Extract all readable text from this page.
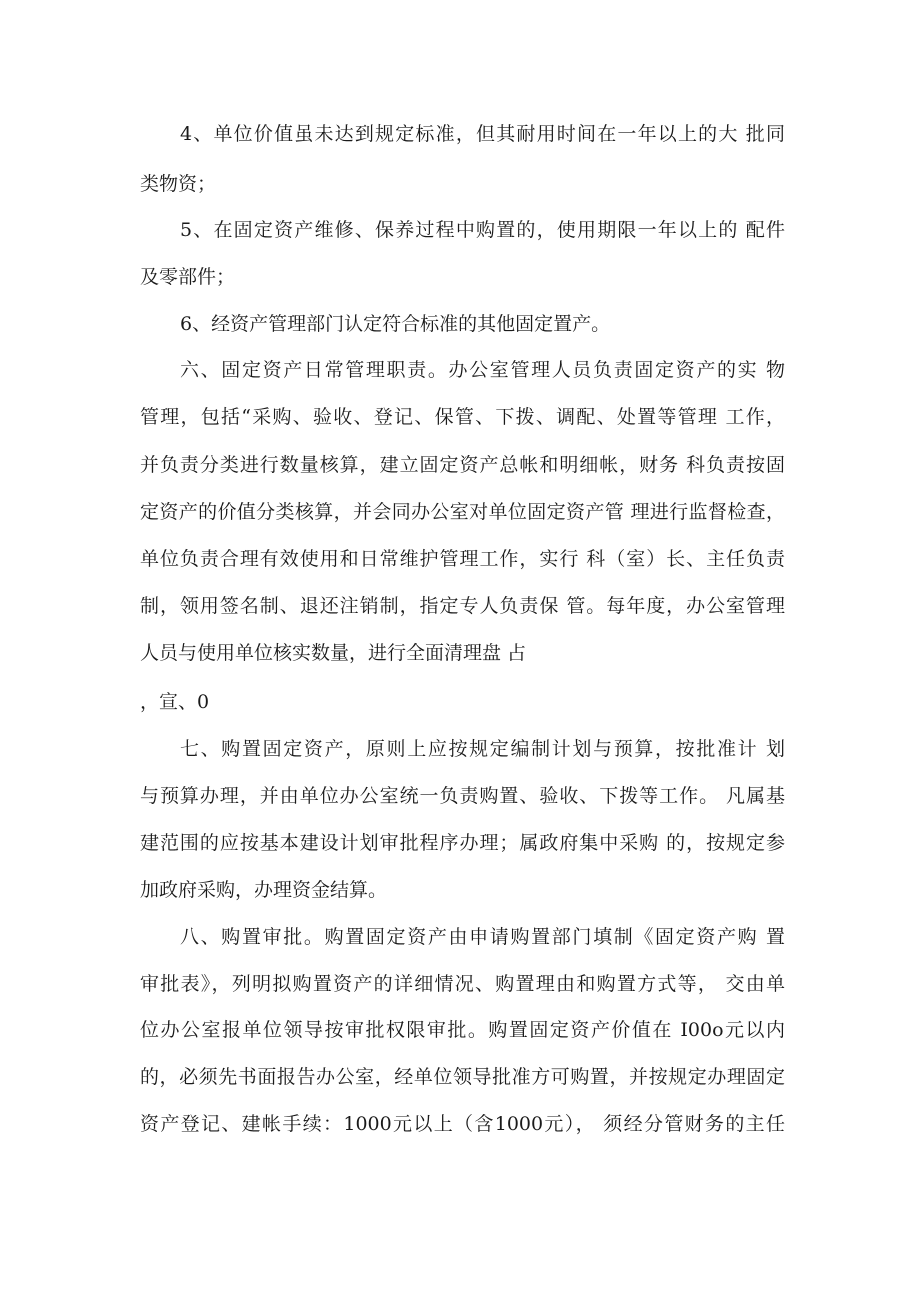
4、单位价值虽未达到规定标准，但其耐用时间在一年以上的大 批同
类物资；
5、在固定资产维修、保养过程中购置的，使用期限一年以上的 配件
及零部件；
6、经资产管理部门认定符合标准的其他固定置产。
六、固定资产日常管理职责。办公室管理人员负责固定资产的实 物
管理，包括“采购、验收、登记、保管、下拨、调配、处置等管理 工作，
并负责分类进行数量核算，建立固定资产总帐和明细帐，财务 科负责按固
定资产的价值分类核算，并会同办公室对单位固定资产管 理进行监督检查，
单位负责合理有效使用和日常维护管理工作，实行 科（室）长、主任负责
制，领用签名制、退还注销制，指定专人负责保 管。每年度，办公室管理
人员与使用单位核实数量，进行全面清理盘 占
，宣、0
七、购置固定资产，原则上应按规定编制计划与预算，按批准计 划
与预算办理，并由单位办公室统一负责购置、验收、下拨等工作。 凡属基
建范围的应按基本建设计划审批程序办理；属政府集中采购 的，按规定参
加政府采购，办理资金结算。
八、购置审批。购置固定资产由申请购置部门填制《固定资产购 置
审批表》，列明拟购置资产的详细情况、购置理由和购置方式等， 交由单
位办公室报单位领导按审批权限审批。购置固定资产价值在 I00o元以内
的，必须先书面报告办公室，经单位领导批准方可购置，并按规定办理固定
资产登记、建帐手续：1000元以上（含1000元）， 须经分管财务的主任
